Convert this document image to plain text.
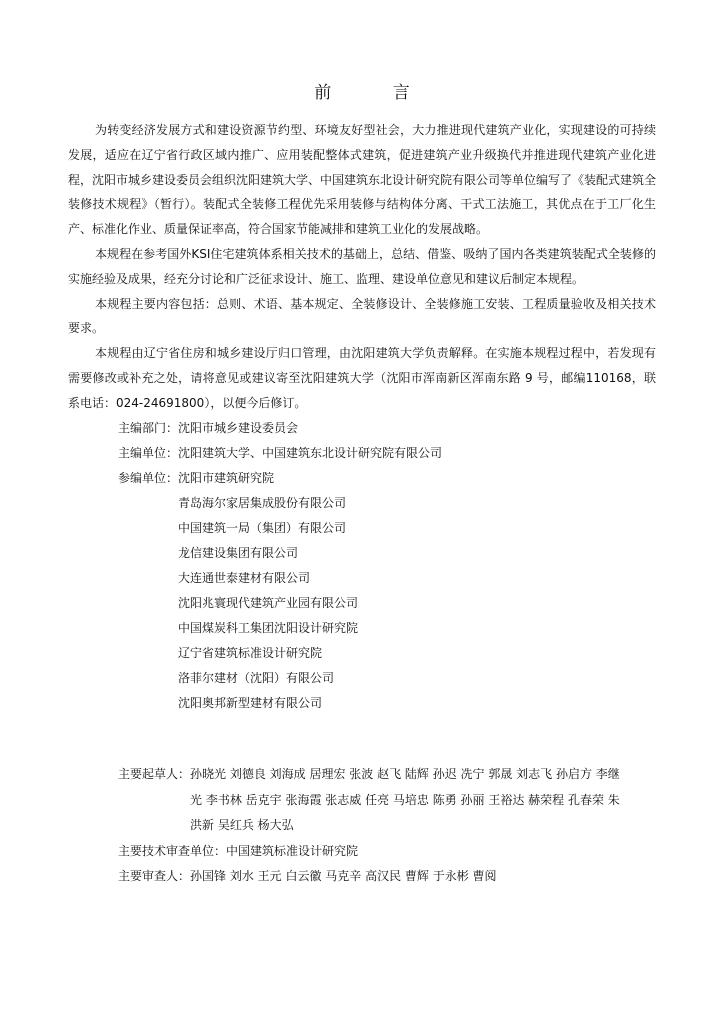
前 言

为转变经济发展方式和建设资源节约型、环境友好型社会，大力推进现代建筑产业化，实现建设的可持续发展，适应在辽宁省行政区域内推广、应用装配整体式建筑，促进建筑产业升级换代并推进现代建筑产业化进程，沈阳市城乡建设委员会组织沈阳建筑大学、中国建筑东北设计研究院有限公司等单位编写了《装配式建筑全装修技术规程》（暂行）。装配式全装修工程优先采用装修与结构体分离、干式工法施工，其优点在于工厂化生产、标准化作业、质量保证率高，符合国家节能减排和建筑工业化的发展战略。

本规程在参考国外KSI住宅建筑体系相关技术的基础上，总结、借鉴、吸纳了国内各类建筑装配式全装修的实施经验及成果，经充分讨论和广泛征求设计、施工、监理、建设单位意见和建议后制定本规程。

本规程主要内容包括：总则、术语、基本规定、全装修设计、全装修施工安装、工程质量验收及相关技术要求。

本规程由辽宁省住房和城乡建设厅归口管理，由沈阳建筑大学负责解释。在实施本规程过程中，若发现有需要修改或补充之处，请将意见或建议寄至沈阳建筑大学（沈阳市浑南新区浑南东路 9 号，邮编110168，联系电话：024-24691800），以便今后修订。

主编部门： 沈阳市城乡建设委员会
主编单位： 沈阳建筑大学、中国建筑东北设计研究院有限公司
参编单位： 沈阳市建筑研究院
青岛海尔家居集成股份有限公司
中国建筑一局（集团）有限公司
龙信建设集团有限公司
大连通世泰建材有限公司
沈阳兆寰现代建筑产业园有限公司
中国煤炭科工集团沈阳设计研究院
辽宁省建筑标准设计研究院
洛菲尔建材（沈阳）有限公司
沈阳奥邦新型建材有限公司
主要起草人： 孙晓光 刘德良 刘海成 居理宏 张波 赵飞 陆辉 孙迟 冼宁 郭晟 刘志飞 孙启方 李继
光 李书林 岳克宇 张海霞 张志威 任亮 马培忠 陈勇 孙丽 王裕达 赫荣程 孔春荣 朱
洪新 吴红兵 杨大弘
主要技术审查单位： 中国建筑标准设计研究院
主要审查人： 孙国锋 刘水 王元 白云徽 马克辛 高汉民 曹辉 于永彬 曹阅
